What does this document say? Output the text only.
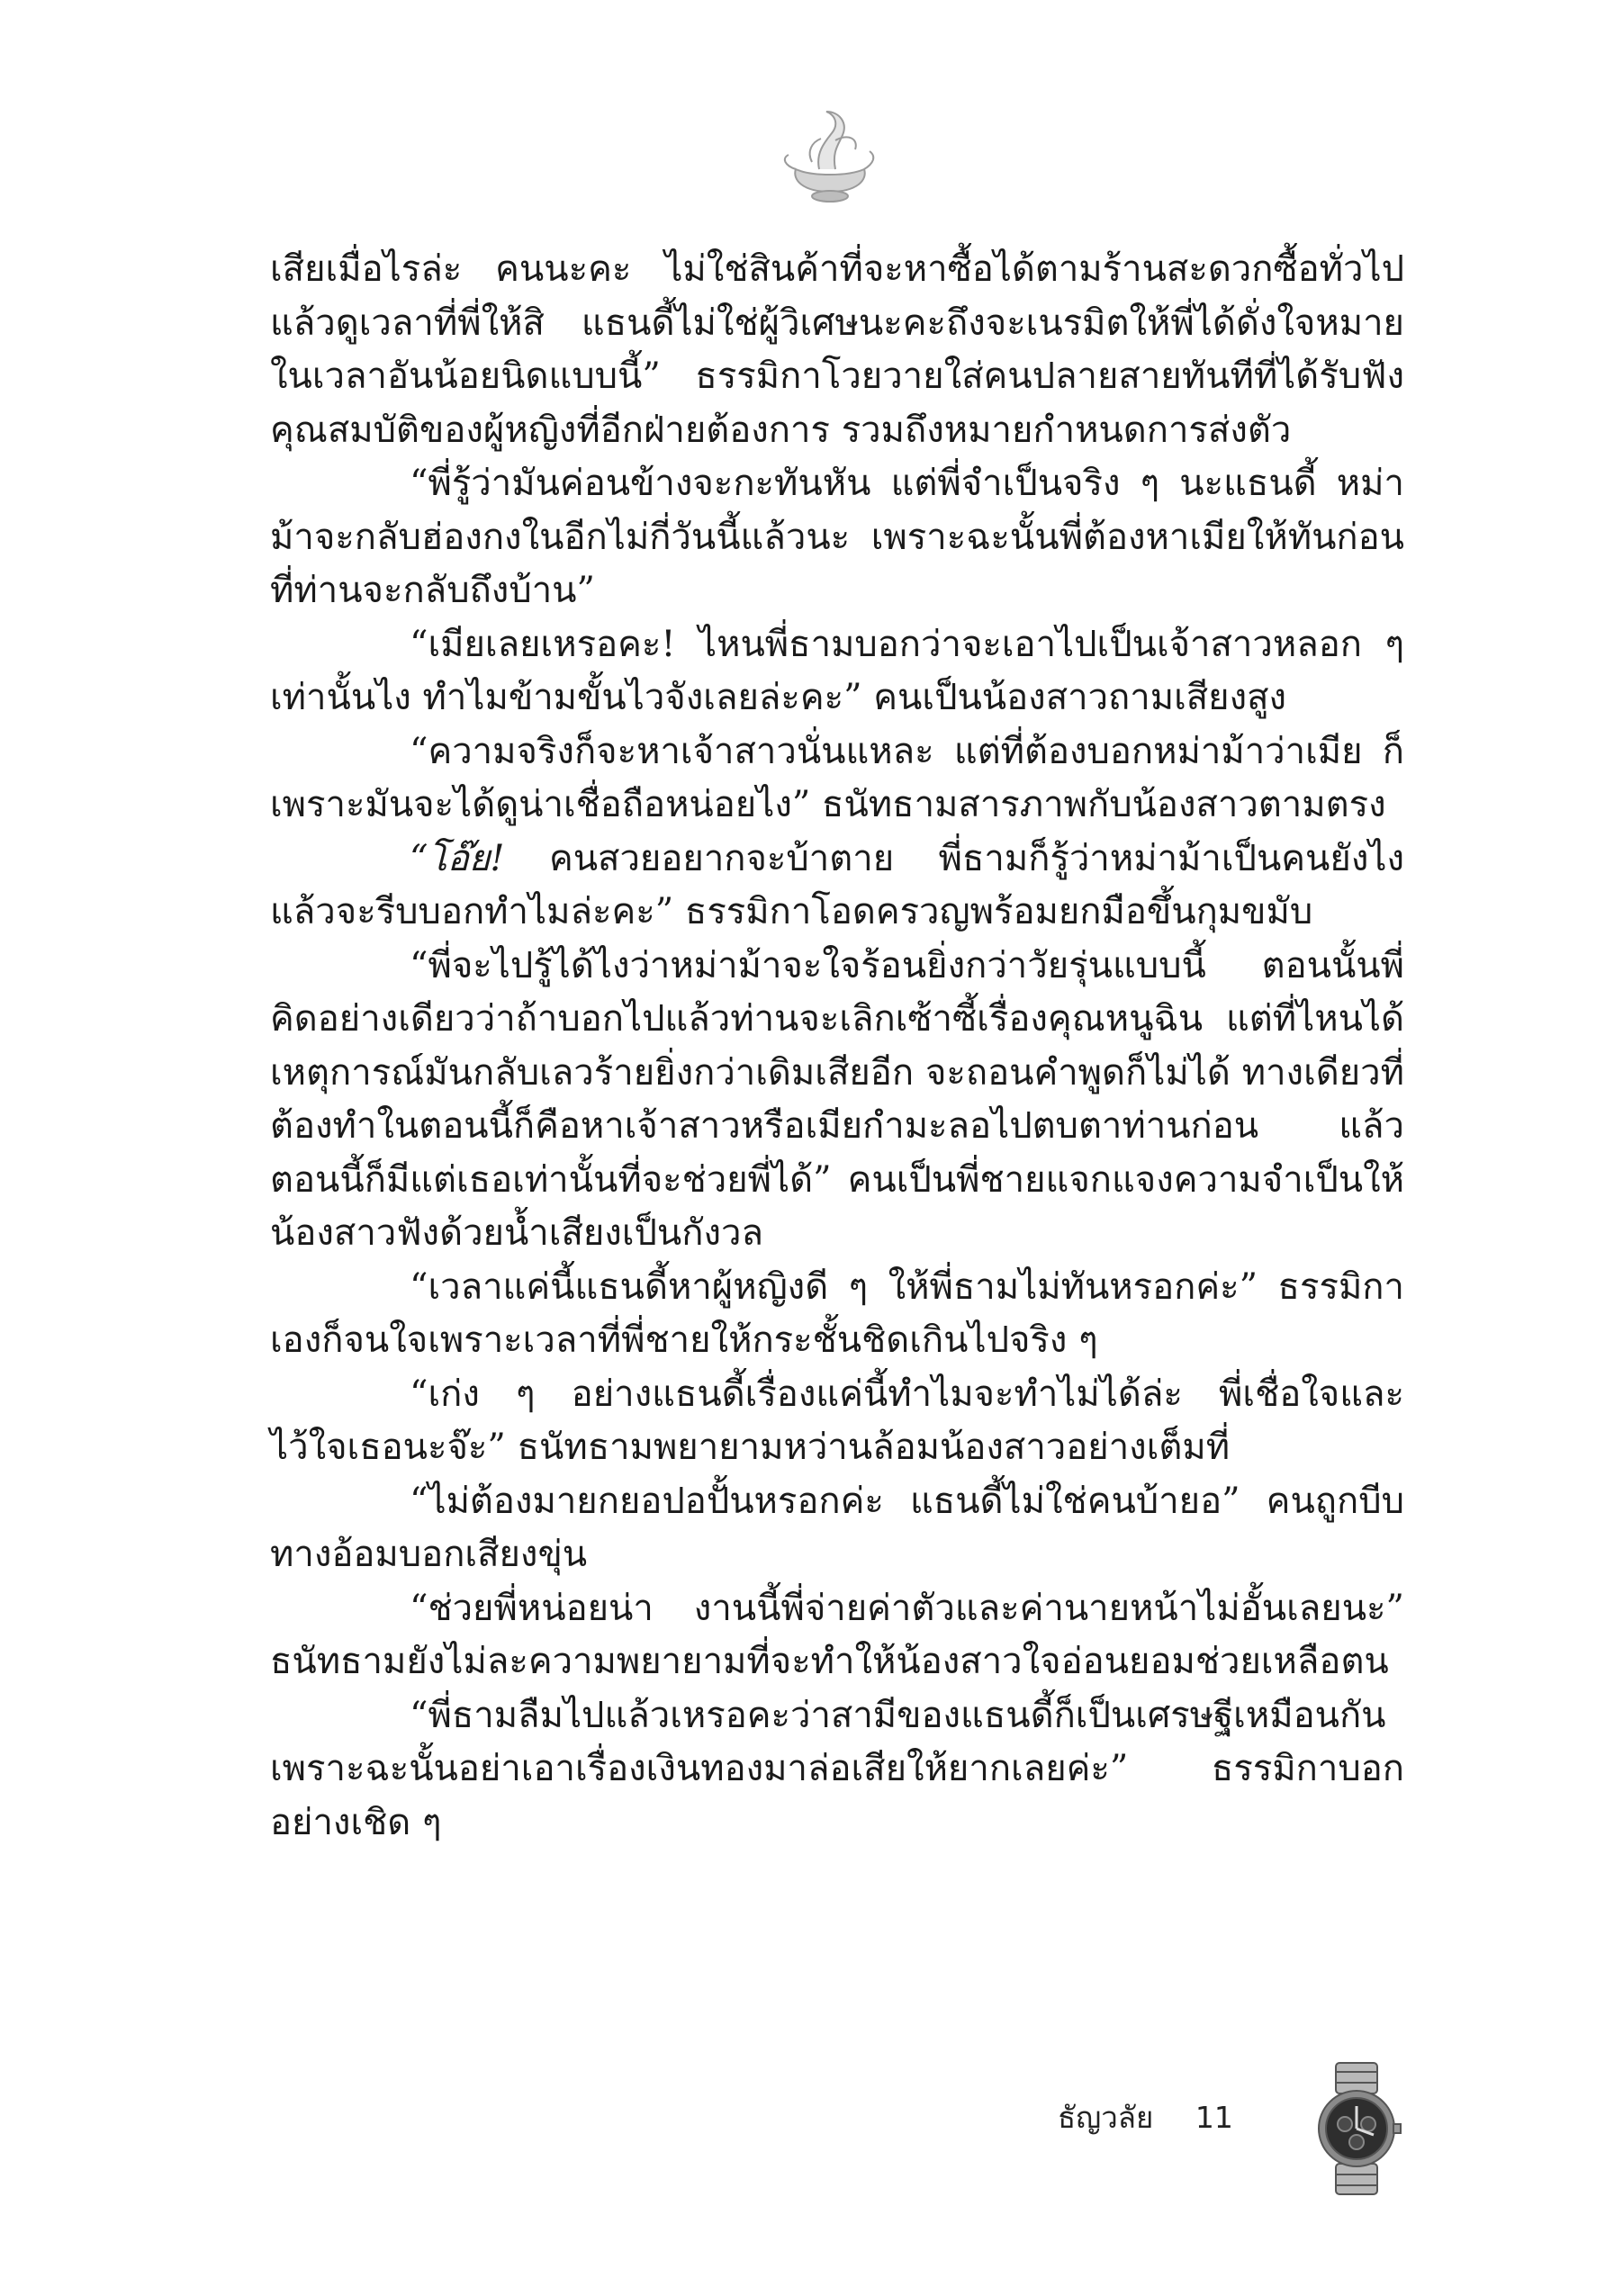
เสียเมื่อไรล่ะ คนนะคะ ไม่ใช่สินค้าที่จะหาซื้อได้ตามร้านสะดวกซื้อทั่วไป แล้วดูเวลาที่พี่ให้สิ แธนดี้ไม่ใช่ผู้วิเศษนะคะถึงจะเนรมิตให้พี่ได้ดั่งใจหมาย ในเวลาอันน้อยนิดแบบนี้” ธรรมิกาโวยวายใส่คนปลายสายทันทีที่ได้รับฟังคุณสมบัติของผู้หญิงที่อีกฝ่ายต้องการ รวมถึงหมายกำหนดการส่งตัว

“พี่รู้ว่ามันค่อนข้างจะกะทันหัน แต่พี่จำเป็นจริง ๆ นะแธนดี้ หม่าม้าจะกลับฮ่องกงในอีกไม่กี่วันนี้แล้วนะ เพราะฉะนั้นพี่ต้องหาเมียให้ทันก่อนที่ท่านจะกลับถึงบ้าน”

“เมียเลยเหรอคะ! ไหนพี่ธามบอกว่าจะเอาไปเป็นเจ้าสาวหลอก ๆ เท่านั้นไง ทำไมข้ามขั้นไวจังเลยล่ะคะ” คนเป็นน้องสาวถามเสียงสูง

“ความจริงก็จะหาเจ้าสาวนั่นแหละ แต่ที่ต้องบอกหม่าม้าว่าเมีย ก็เพราะมันจะได้ดูน่าเชื่อถือหน่อยไง” ธนัทธามสารภาพกับน้องสาวตามตรง

“โอ๊ย! คนสวยอยากจะบ้าตาย พี่ธามก็รู้ว่าหม่าม้าเป็นคนยังไง แล้วจะรีบบอกทำไมล่ะคะ” ธรรมิกาโอดครวญพร้อมยกมือขึ้นกุมขมับ

“พี่จะไปรู้ได้ไงว่าหม่าม้าจะใจร้อนยิ่งกว่าวัยรุ่นแบบนี้ ตอนนั้นพี่คิดอย่างเดียวว่าถ้าบอกไปแล้วท่านจะเลิกเซ้าซี้เรื่องคุณหนูฉิน แต่ที่ไหนได้ เหตุการณ์มันกลับเลวร้ายยิ่งกว่าเดิมเสียอีก จะถอนคำพูดก็ไม่ได้ ทางเดียวที่ต้องทำในตอนนี้ก็คือหาเจ้าสาวหรือเมียกำมะลอไปตบตาท่านก่อน แล้วตอนนี้ก็มีแต่เธอเท่านั้นที่จะช่วยพี่ได้” คนเป็นพี่ชายแจกแจงความจำเป็นให้น้องสาวฟังด้วยน้ำเสียงเป็นกังวล

“เวลาแค่นี้แธนดี้หาผู้หญิงดี ๆ ให้พี่ธามไม่ทันหรอกค่ะ” ธรรมิกาเองก็จนใจเพราะเวลาที่พี่ชายให้กระชั้นชิดเกินไปจริง ๆ

“เก่ง ๆ อย่างแธนดี้เรื่องแค่นี้ทำไมจะทำไม่ได้ล่ะ พี่เชื่อใจและไว้ใจเธอนะจ๊ะ” ธนัทธามพยายามหว่านล้อมน้องสาวอย่างเต็มที่

“ไม่ต้องมายกยอปอปั้นหรอกค่ะ แธนดี้ไม่ใช่คนบ้ายอ” คนถูกบีบทางอ้อมบอกเสียงขุ่น

“ช่วยพี่หน่อยน่า งานนี้พี่จ่ายค่าตัวและค่านายหน้าไม่อั้นเลยนะ” ธนัทธามยังไม่ละความพยายามที่จะทำให้น้องสาวใจอ่อนยอมช่วยเหลือตน

“พี่ธามลืมไปแล้วเหรอคะว่าสามีของแธนดี้ก็เป็นเศรษฐีเหมือนกัน เพราะฉะนั้นอย่าเอาเรื่องเงินทองมาล่อเสียให้ยากเลยค่ะ” ธรรมิกาบอกอย่างเชิด ๆ

ธัญวลัย 11
